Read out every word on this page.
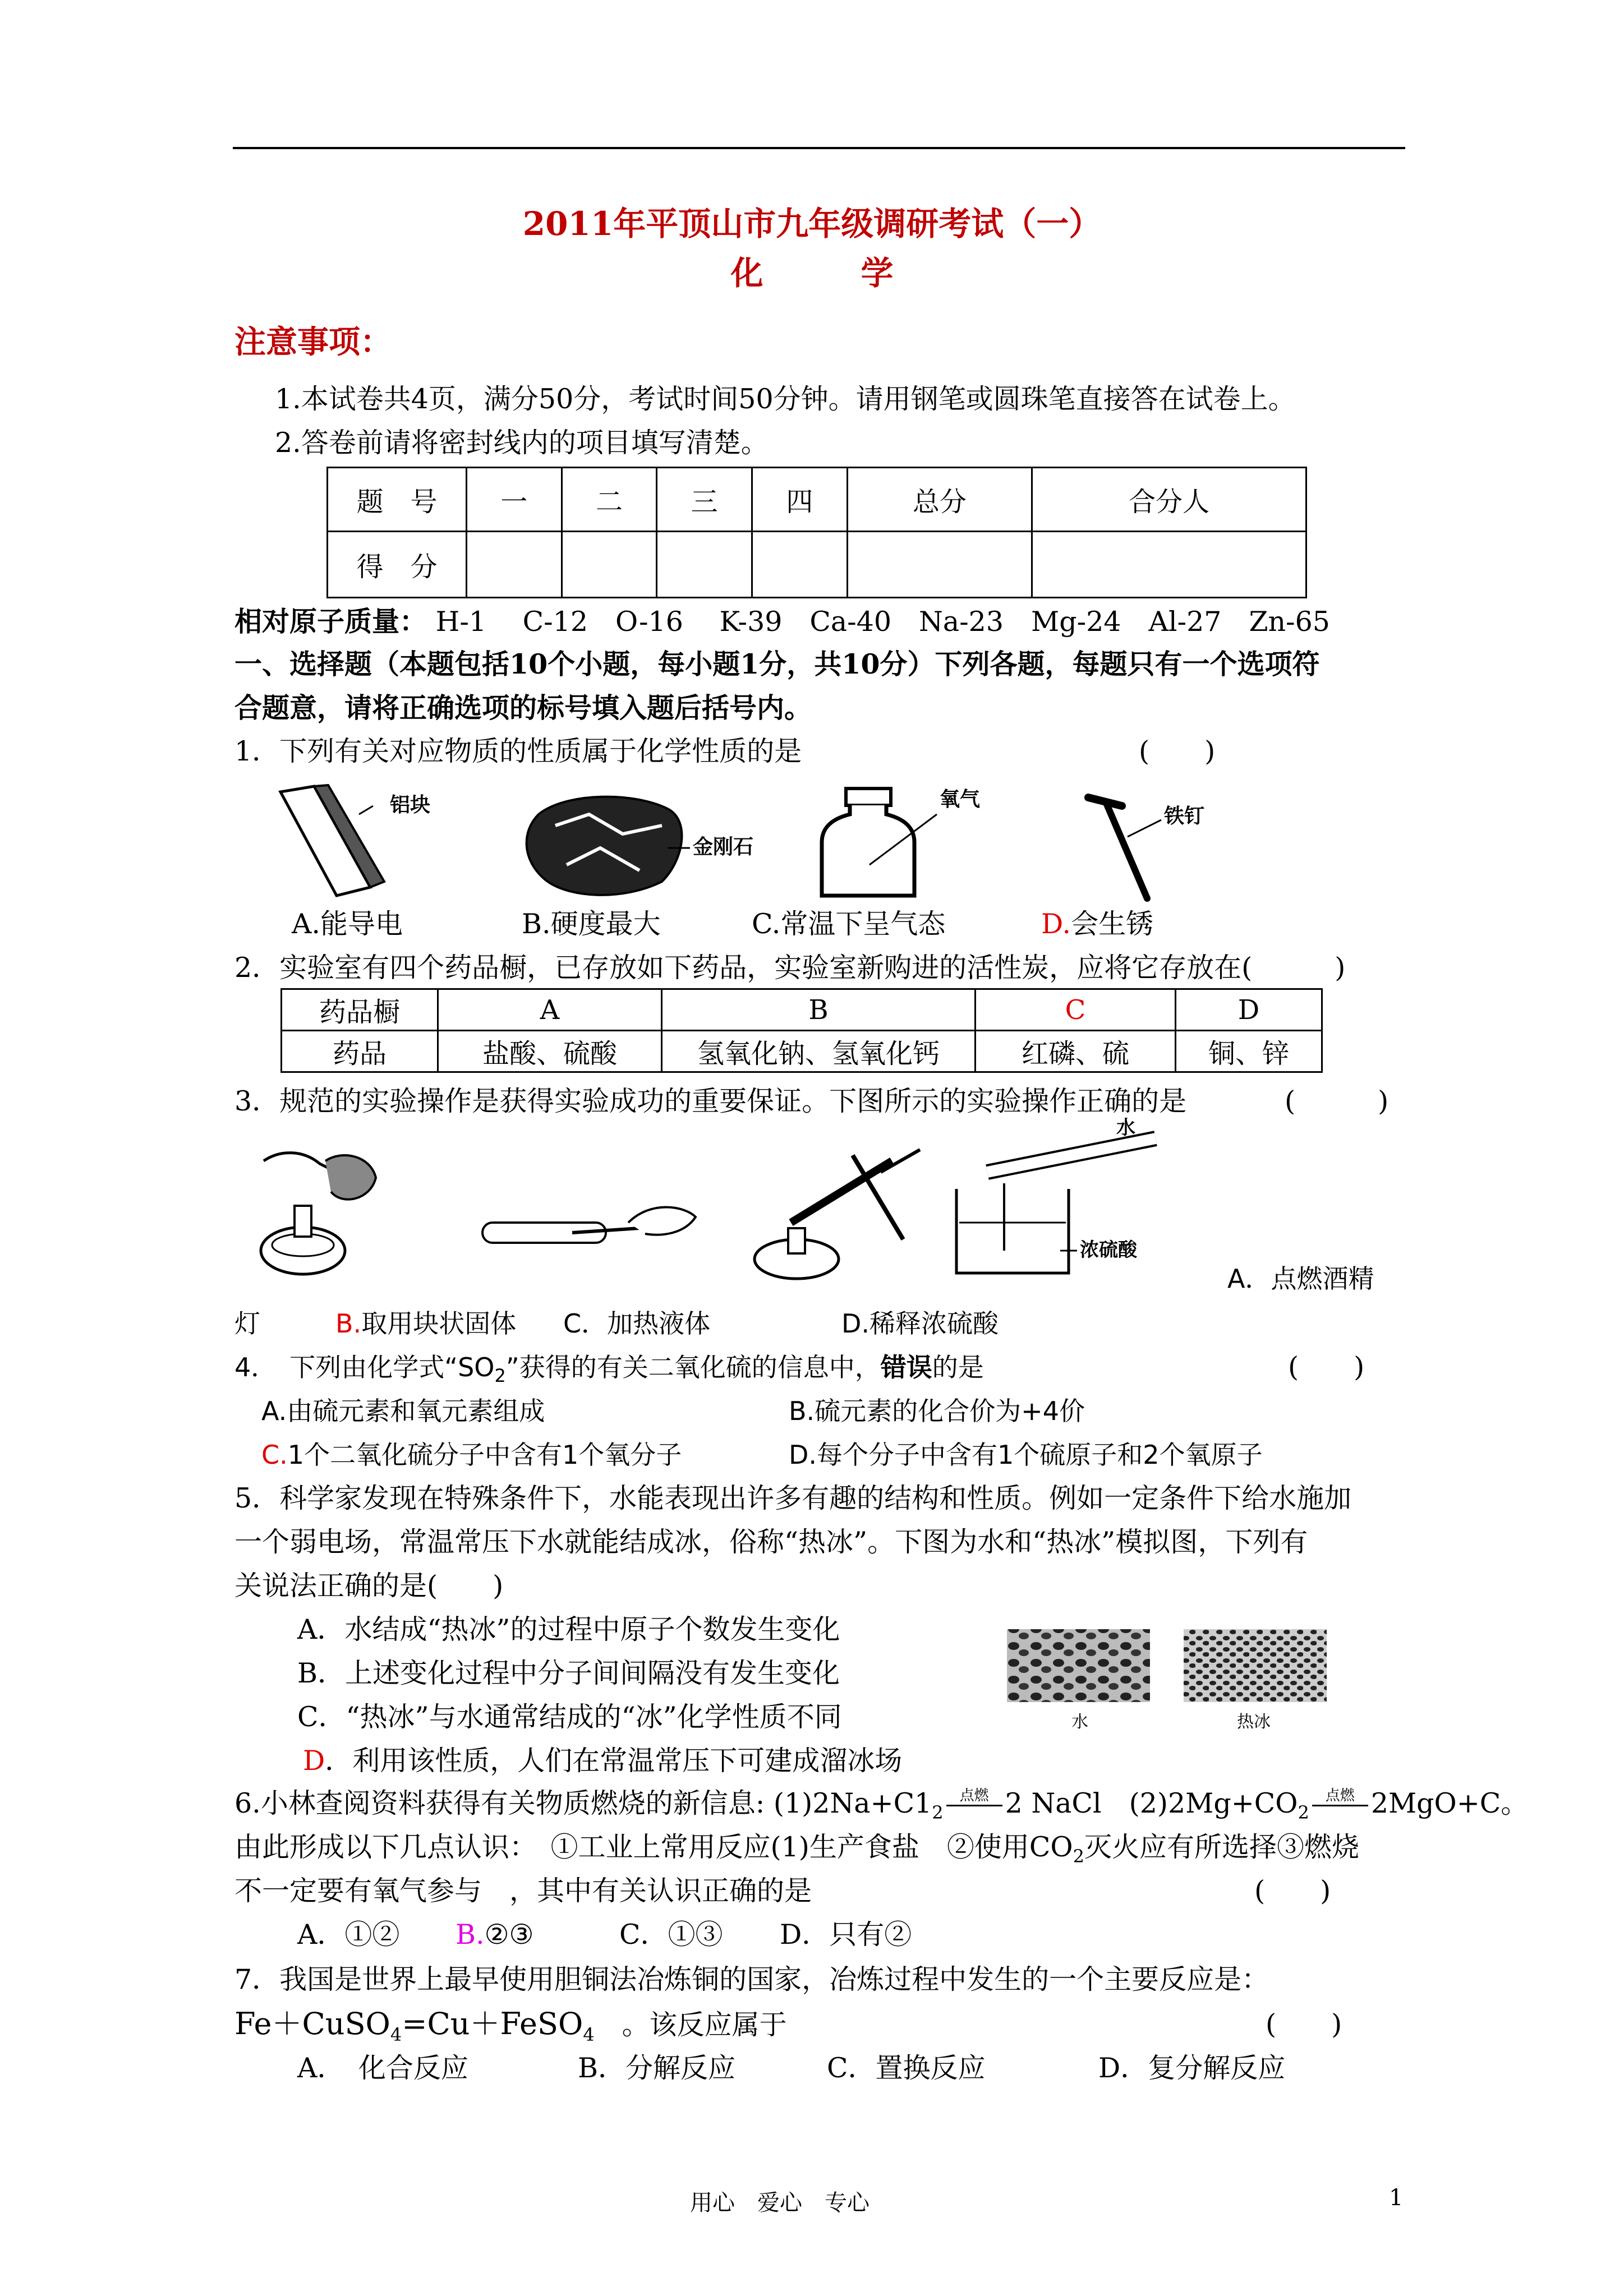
2011年平顶山市九年级调研考试（一）
化　　　学
注意事项：
1.本试卷共4页，满分50分，考试时间50分钟。请用钢笔或圆珠笔直接答在试卷上。
2.答卷前请将密封线内的项目填写清楚。
题　号	一	二	三	四	总分	合分人
得　分						
相对原子质量： H-1　 C-12　O-16　 K-39　Ca-40　Na-23　Mg-24　Al-27　Zn-65
一、选择题（本题包括10个小题，每小题1分，共10分）下列各题，每题只有一个选项符
合题意，请将正确选项的标号填入题后括号内。
1．下列有关对应物质的性质属于化学性质的是	(　　)
铝块
金刚石
氧气
铁钉
A.能导电	B.硬度最大	C.常温下呈气态	D.会生锈
2．实验室有四个药品橱，已存放如下药品，实验室新购进的活性炭，应将它存放在(　　　)
药品橱	A	B	C	D
药品	盐酸、硫酸	氢氧化钠、氢氧化钙	红磷、硫	铜、锌
3．规范的实验操作是获得实验成功的重要保证。下图所示的实验操作正确的是	(　　　)
水
浓硫酸
A．点燃酒精
灯	B.取用块状固体 C．加热液体	D.稀释浓硫酸
4．　下列由化学式“$SO_2$”获得的有关二氧化硫的信息中，错误的是	(　　)
A.由硫元素和氧元素组成	B.硫元素的化合价为+4价
C.1个二氧化硫分子中含有1个氧分子	D.每个分子中含有1个硫原子和2个氧原子
5．科学家发现在特殊条件下，水能表现出许多有趣的结构和性质。例如一定条件下给水施加
一个弱电场，常温常压下水就能结成冰，俗称“热冰”。下图为水和“热冰”模拟图，下列有
关说法正确的是(　　)
A．水结成“热冰”的过程中原子个数发生变化
B．上述变化过程中分子间间隔没有发生变化
C．“热冰”与水通常结成的“冰”化学性质不同
D．利用该性质，人们在常温常压下可建成溜冰场
水	热冰
6.小林查阅资料获得有关物质燃烧的新信息: $(1)2Na+C1_2$
点燃 2 NaCl　$(2)2Mg+CO_2$
点燃 2MgO+C。
由此形成以下几点认识：　①工业上常用反应(1)生产食盐　②使用$CO_2$灭火应有所选择③燃烧
不一定要有氧气参与　，其中有关认识正确的是	(　　)
A．①② B.②③	C．①③ D．只有②
7．我国是世界上最早使用胆铜法冶炼铜的国家，冶炼过程中发生的一个主要反应是：
Fe＋CuSO$_4$=Cu＋FeSO$_4$　。该反应属于	(　　)
A．　化合反应	B．分解反应	C．置换反应	D．复分解反应
用心　爱心　专心	1
